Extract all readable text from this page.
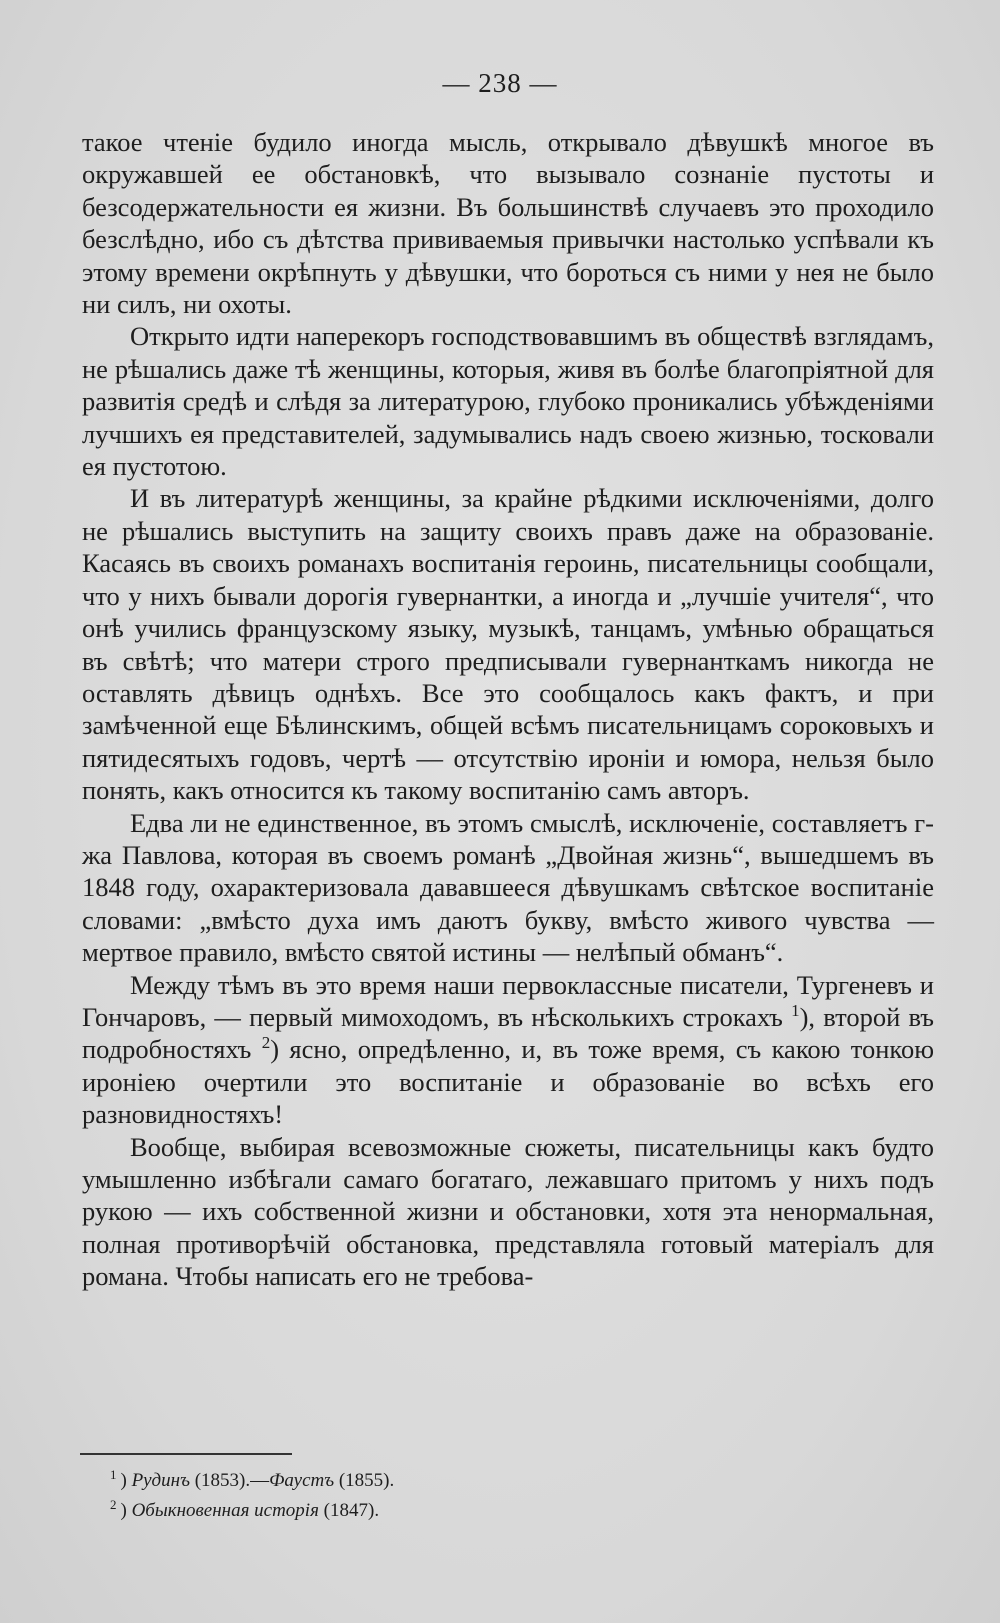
— 238 —

такое чтеніе будило иногда мысль, открывало дѣвушкѣ многое въ окружавшей ее обстановкѣ, что вызывало сознаніе пустоты и безсодержательности ея жизни. Въ большинствѣ случаевъ это проходило безслѣдно, ибо съ дѣтства прививаемыя привычки настолько успѣвали къ этому времени окрѣпнуть у дѣвушки, что бороться съ ними у нея не было ни силъ, ни охоты.

Открыто идти наперекоръ господствовавшимъ въ обществѣ взглядамъ, не рѣшались даже тѣ женщины, которыя, живя въ болѣе благопріятной для развитія средѣ и слѣдя за литературою, глубоко проникались убѣжденіями лучшихъ ея представителей, задумывались надъ своею жизнью, тосковали ея пустотою.

И въ литературѣ женщины, за крайне рѣдкими исключеніями, долго не рѣшались выступить на защиту своихъ правъ даже на образованіе. Касаясь въ своихъ романахъ воспитанія героинь, писательницы сообщали, что у нихъ бывали дорогія гувернантки, а иногда и „лучшіе учителя“, что онѣ учились французскому языку, музыкѣ, танцамъ, умѣнью обращаться въ свѣтѣ; что матери строго предписывали гувернанткамъ никогда не оставлять дѣвицъ однѣхъ. Все это сообщалось какъ фактъ, и при замѣченной еще Бѣлинскимъ, общей всѣмъ писательницамъ сороковыхъ и пятидесятыхъ годовъ, чертѣ — отсутствію ироніи и юмора, нельзя было понять, какъ относится къ такому воспитанію самъ авторъ.

Едва ли не единственное, въ этомъ смыслѣ, исключеніе, составляетъ г-жа Павлова, которая въ своемъ романѣ „Двойная жизнь“, вышедшемъ въ 1848 году, охарактеризовала дававшееся дѣвушкамъ свѣтское воспитаніе словами: „вмѣсто духа имъ даютъ букву, вмѣсто живого чувства — мертвое правило, вмѣсто святой истины — нелѣпый обманъ“.

Между тѣмъ въ это время наши первоклассные писатели, Тургеневъ и Гончаровъ, — первый мимоходомъ, въ нѣсколькихъ строкахъ $^1$), второй въ подробностяхъ $^2$) ясно, опредѣленно, и, въ тоже время, съ какою тонкою ироніею очертили это воспитаніе и образованіе во всѣхъ его разновидностяхъ!

Вообще, выбирая всевозможные сюжеты, писательницы какъ будто умышленно избѣгали самаго богатаго, лежавшаго притомъ у нихъ подъ рукою — ихъ собственной жизни и обстановки, хотя эта ненормальная, полная противорѣчій обстановка, представляла готовый матеріалъ для романа. Чтобы написать его не требова-

$^1$ ) Рудинъ (1853).—Фаустъ (1855).
$^2$ ) Обыкновенная исторія (1847).
